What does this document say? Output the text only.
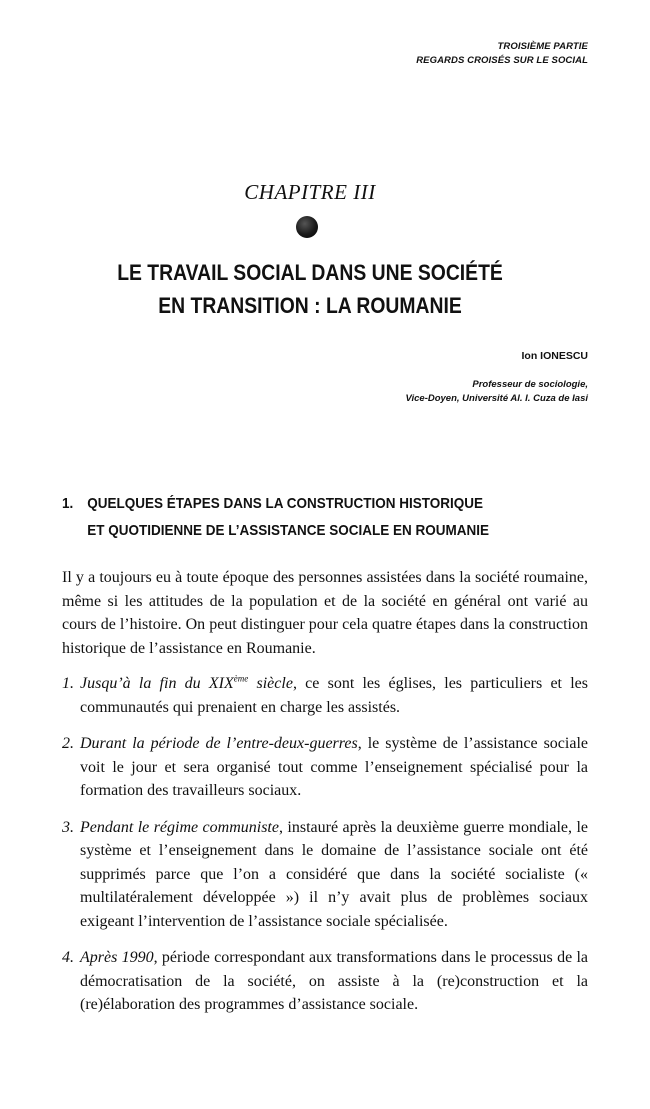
TROISIÈME PARTIE
REGARDS CROISÉS SUR LE SOCIAL
CHAPITRE III
LE TRAVAIL SOCIAL DANS UNE SOCIÉTÉ
EN TRANSITION : LA ROUMANIE
Ion IONESCU
Professeur de sociologie,
Vice-Doyen, Université Al. I. Cuza de Iasi
1. QUELQUES ÉTAPES DANS LA CONSTRUCTION HISTORIQUE
ET QUOTIDIENNE DE L’ASSISTANCE SOCIALE EN ROUMANIE

Il y a toujours eu à toute époque des personnes assistées dans la société roumaine, même si les attitudes de la population et de la société en général ont varié au cours de l’histoire. On peut distinguer pour cela quatre étapes dans la construction historique de l’assistance en Roumanie.

1. Jusqu’à la fin du XIXème siècle, ce sont les églises, les particuliers et les communautés qui prenaient en charge les assistés.
2. Durant la période de l’entre-deux-guerres, le système de l’assistance sociale voit le jour et sera organisé tout comme l’enseignement spécialisé pour la formation des travailleurs sociaux.
3. Pendant le régime communiste, instauré après la deuxième guerre mondiale, le système et l’enseignement dans le domaine de l’assistance sociale ont été supprimés parce que l’on a considéré que dans la société socialiste (« multilatéralement développée ») il n’y avait plus de problèmes sociaux exigeant l’intervention de l’assistance sociale spécialisée.
4. Après 1990, période correspondant aux transformations dans le processus de la démocratisation de la société, on assiste à la (re)construction et la (re)élaboration des programmes d’assistance sociale.
